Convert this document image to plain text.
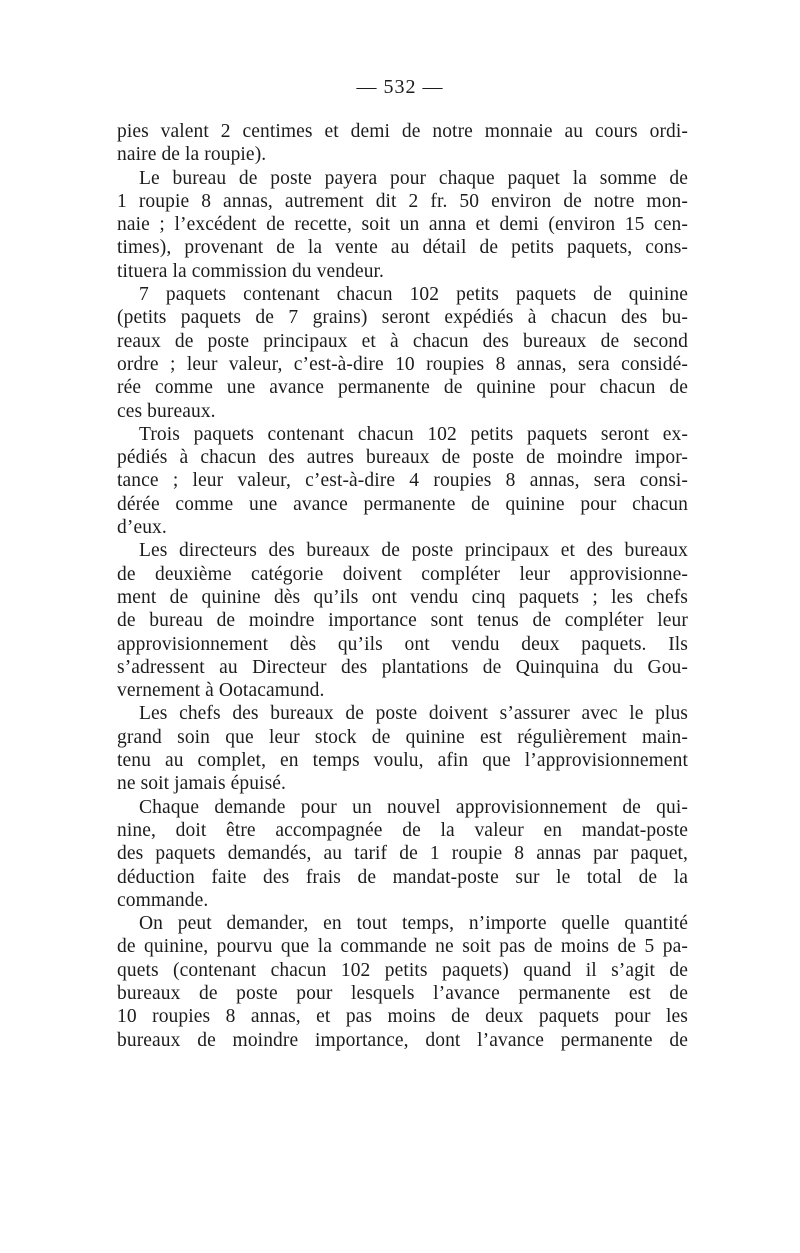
— 532 —
pies valent 2 centimes et demi de notre monnaie au cours ordi-
naire de la roupie).
Le bureau de poste payera pour chaque paquet la somme de
1 roupie 8 annas, autrement dit 2 fr. 50 environ de notre mon-
naie ; l’excédent de recette, soit un anna et demi (environ 15 cen-
times), provenant de la vente au détail de petits paquets, cons-
tituera la commission du vendeur.
7 paquets contenant chacun 102 petits paquets de quinine
(petits paquets de 7 grains) seront expédiés à chacun des bu-
reaux de poste principaux et à chacun des bureaux de second
ordre ; leur valeur, c’est-à-dire 10 roupies 8 annas, sera considé-
rée comme une avance permanente de quinine pour chacun de
ces bureaux.
Trois paquets contenant chacun 102 petits paquets seront ex-
pédiés à chacun des autres bureaux de poste de moindre impor-
tance ; leur valeur, c’est-à-dire 4 roupies 8 annas, sera consi-
dérée comme une avance permanente de quinine pour chacun
d’eux.
Les directeurs des bureaux de poste principaux et des bureaux
de deuxième catégorie doivent compléter leur approvisionne-
ment de quinine dès qu’ils ont vendu cinq paquets ; les chefs
de bureau de moindre importance sont tenus de compléter leur
approvisionnement dès qu’ils ont vendu deux paquets. Ils
s’adressent au Directeur des plantations de Quinquina du Gou-
vernement à Ootacamund.
Les chefs des bureaux de poste doivent s’assurer avec le plus
grand soin que leur stock de quinine est régulièrement main-
tenu au complet, en temps voulu, afin que l’approvisionnement
ne soit jamais épuisé.
Chaque demande pour un nouvel approvisionnement de qui-
nine, doit être accompagnée de la valeur en mandat-poste
des paquets demandés, au tarif de 1 roupie 8 annas par paquet,
déduction faite des frais de mandat-poste sur le total de la
commande.
On peut demander, en tout temps, n’importe quelle quantité
de quinine, pourvu que la commande ne soit pas de moins de 5 pa-
quets (contenant chacun 102 petits paquets) quand il s’agit de
bureaux de poste pour lesquels l’avance permanente est de
10 roupies 8 annas, et pas moins de deux paquets pour les
bureaux de moindre importance, dont l’avance permanente de
